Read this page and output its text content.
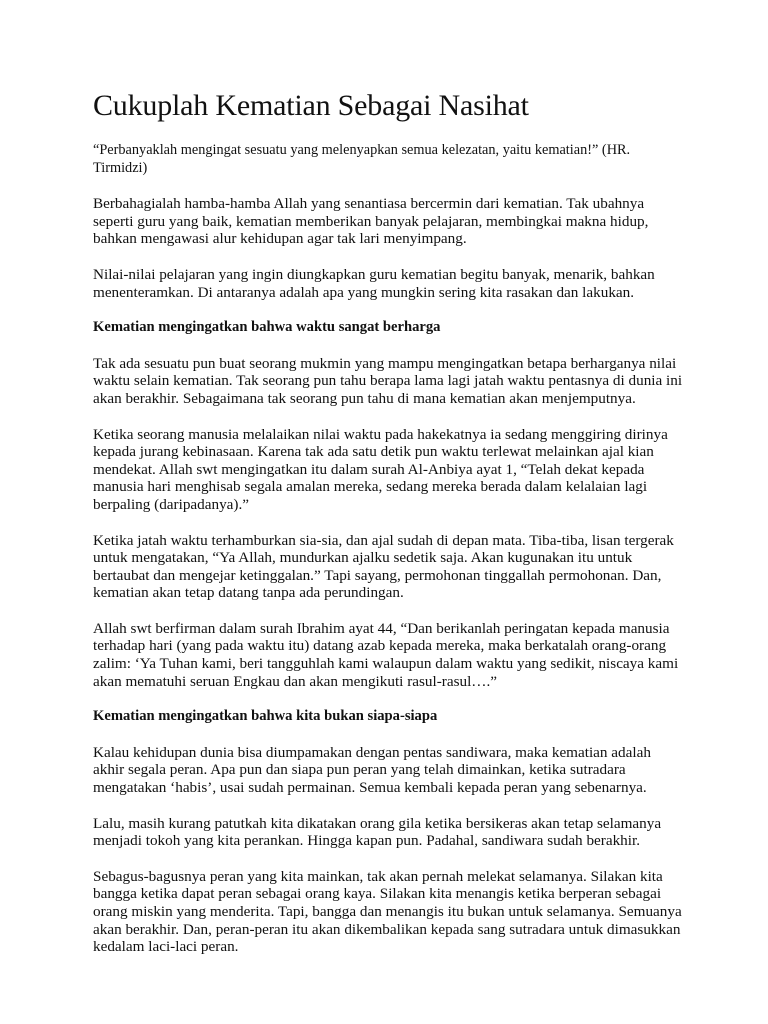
Cukuplah Kematian Sebagai Nasihat

“Perbanyaklah mengingat sesuatu yang melenyapkan semua kelezatan, yaitu kematian!” (HR. Tirmidzi)

Berbahagialah hamba-hamba Allah yang senantiasa bercermin dari kematian. Tak ubahnya seperti guru yang baik, kematian memberikan banyak pelajaran, membingkai makna hidup, bahkan mengawasi alur kehidupan agar tak lari menyimpang.

Nilai-nilai pelajaran yang ingin diungkapkan guru kematian begitu banyak, menarik, bahkan menenteramkan. Di antaranya adalah apa yang mungkin sering kita rasakan dan lakukan.

Kematian mengingatkan bahwa waktu sangat berharga

Tak ada sesuatu pun buat seorang mukmin yang mampu mengingatkan betapa berharganya nilai waktu selain kematian. Tak seorang pun tahu berapa lama lagi jatah waktu pentasnya di dunia ini akan berakhir. Sebagaimana tak seorang pun tahu di mana kematian akan menjemputnya.

Ketika seorang manusia melalaikan nilai waktu pada hakekatnya ia sedang menggiring dirinya kepada jurang kebinasaan. Karena tak ada satu detik pun waktu terlewat melainkan ajal kian mendekat. Allah swt mengingatkan itu dalam surah Al-Anbiya ayat 1, “Telah dekat kepada manusia hari menghisab segala amalan mereka, sedang mereka berada dalam kelalaian lagi berpaling (daripadanya).”

Ketika jatah waktu terhamburkan sia-sia, dan ajal sudah di depan mata. Tiba-tiba, lisan tergerak untuk mengatakan, “Ya Allah, mundurkan ajalku sedetik saja. Akan kugunakan itu untuk bertaubat dan mengejar ketinggalan.” Tapi sayang, permohonan tinggallah permohonan. Dan, kematian akan tetap datang tanpa ada perundingan.

Allah swt berfirman dalam surah Ibrahim ayat 44, “Dan berikanlah peringatan kepada manusia terhadap hari (yang pada waktu itu) datang azab kepada mereka, maka berkatalah orang-orang zalim: ‘Ya Tuhan kami, beri tangguhlah kami walaupun dalam waktu yang sedikit, niscaya kami akan mematuhi seruan Engkau dan akan mengikuti rasul-rasul….”

Kematian mengingatkan bahwa kita bukan siapa-siapa

Kalau kehidupan dunia bisa diumpamakan dengan pentas sandiwara, maka kematian adalah akhir segala peran. Apa pun dan siapa pun peran yang telah dimainkan, ketika sutradara mengatakan ‘habis’, usai sudah permainan. Semua kembali kepada peran yang sebenarnya.

Lalu, masih kurang patutkah kita dikatakan orang gila ketika bersikeras akan tetap selamanya menjadi tokoh yang kita perankan. Hingga kapan pun. Padahal, sandiwara sudah berakhir.

Sebagus-bagusnya peran yang kita mainkan, tak akan pernah melekat selamanya. Silakan kita bangga ketika dapat peran sebagai orang kaya. Silakan kita menangis ketika berperan sebagai orang miskin yang menderita. Tapi, bangga dan menangis itu bukan untuk selamanya. Semuanya akan berakhir. Dan, peran-peran itu akan dikembalikan kepada sang sutradara untuk dimasukkan kedalam laci-laci peran.
